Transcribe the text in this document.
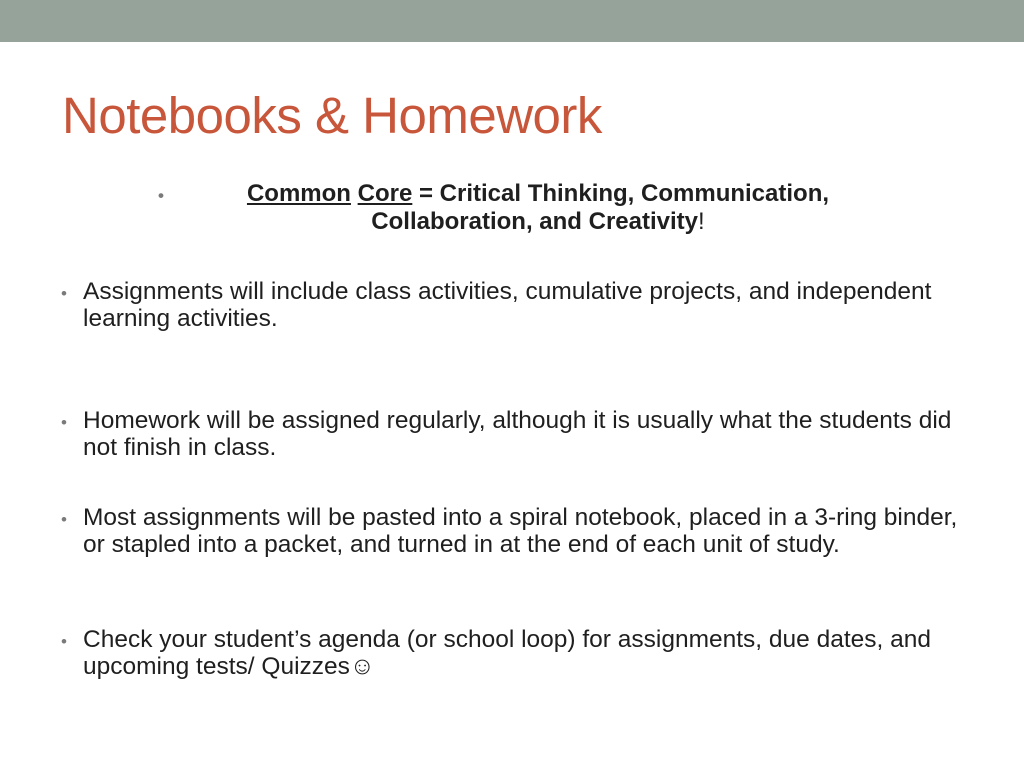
Notebooks & Homework
•	Common Core = Critical Thinking, Communication, Collaboration, and Creativity!
• Assignments will include class activities, cumulative projects, and independent learning activities.
• Homework will be assigned regularly, although it is usually what the students did not finish in class.
• Most assignments will be pasted into a spiral notebook, placed in a 3-ring binder, or stapled into a packet, and turned in at the end of each unit of study.
• Check your student’s agenda (or school loop) for assignments, due dates, and upcoming tests/ Quizzes☺
